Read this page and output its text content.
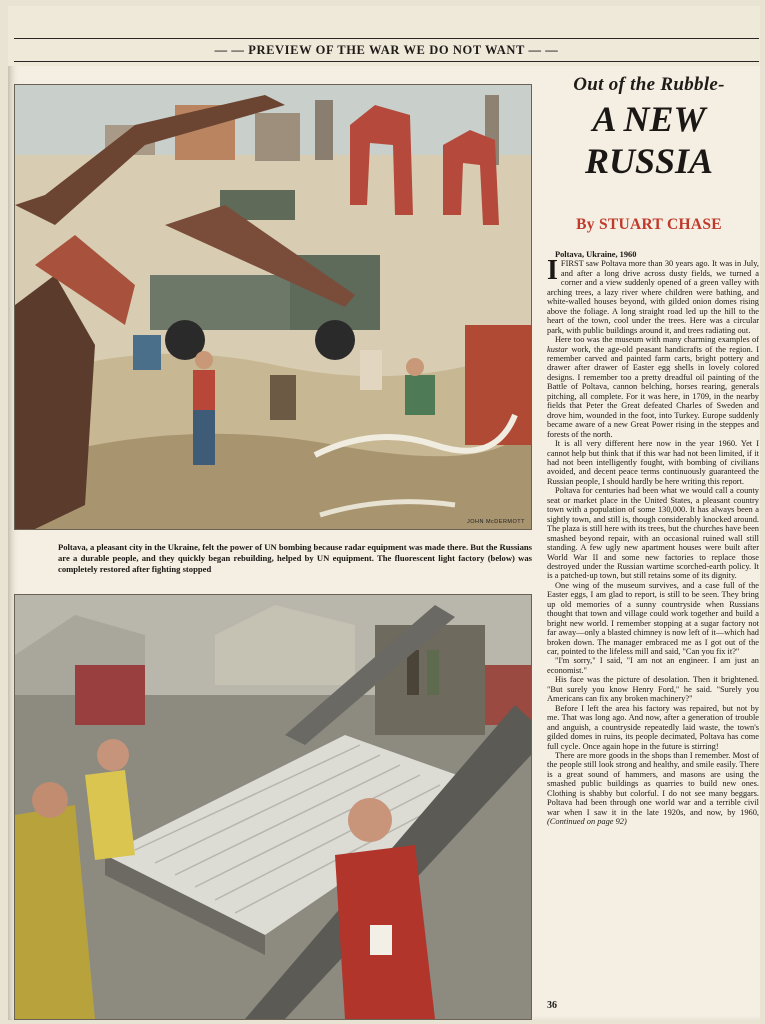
— — PREVIEW OF THE WAR WE DO NOT WANT — —
JOHN McDERMOTT
Poltava, a pleasant city in the Ukraine, felt the power of UN bombing because radar equipment was made there. But the Russians are a durable people, and they quickly began rebuilding, helped by UN equipment. The fluorescent light factory (below) was completely restored after fighting stopped
Out of the Rubble-
A NEW
RUSSIA
By STUART CHASE

Poltava, Ukraine, 1960

IFIRST saw Poltava more than 30 years ago. It was in July, and after a long drive across dusty fields, we turned a corner and a view suddenly opened of a green valley with arching trees, a lazy river where children were bathing, and white-walled houses beyond, with gilded onion domes rising above the foliage. A long straight road led up the hill to the heart of the town, cool under the trees. Here was a circular park, with public buildings around it, and trees radiating out.

Here too was the museum with many charming examples of kustar work, the age-old peasant handicrafts of the region. I remember carved and painted farm carts, bright pottery and drawer after drawer of Easter egg shells in lovely colored designs. I remember too a pretty dreadful oil painting of the Battle of Poltava, cannon belching, horses rearing, generals pitching, all complete. For it was here, in 1709, in the nearby fields that Peter the Great defeated Charles of Sweden and drove him, wounded in the foot, into Turkey. Europe suddenly became aware of a new Great Power rising in the steppes and forests of the north.

It is all very different here now in the year 1960. Yet I cannot help but think that if this war had not been limited, if it had not been intelligently fought, with bombing of civilians avoided, and decent peace terms continuously guaranteed the Russian people, I should hardly be here writing this report.

Poltava for centuries had been what we would call a county seat or market place in the United States, a pleasant country town with a population of some 130,000. It has always been a sightly town, and still is, though considerably knocked around. The plaza is still here with its trees, but the churches have been smashed beyond repair, with an occasional ruined wall still standing. A few ugly new apartment houses were built after World War II and some new factories to replace those destroyed under the Russian wartime scorched-earth policy. It is a patched-up town, but still retains some of its dignity.

One wing of the museum survives, and a case full of the Easter eggs, I am glad to report, is still to be seen. They bring up old memories of a sunny countryside when Russians thought that town and village could work together and build a bright new world. I remember stopping at a sugar factory not far away—only a blasted chimney is now left of it—which had broken down. The manager embraced me as I got out of the car, pointed to the lifeless mill and said, "Can you fix it?"

"I'm sorry," I said, "I am not an engineer. I am just an economist."

His face was the picture of desolation. Then it brightened. "But surely you know Henry Ford," he said. "Surely you Americans can fix any broken machinery?"

Before I left the area his factory was repaired, but not by me. That was long ago. And now, after a generation of trouble and anguish, a countryside repeatedly laid waste, the town's gilded domes in ruins, its people decimated, Poltava has come full cycle. Once again hope in the future is stirring!

There are more goods in the shops than I remember. Most of the people still look strong and healthy, and smile easily. There is a great sound of hammers, and masons are using the smashed public buildings as quarries to build new ones. Clothing is shabby but colorful. I do not see many beggars. Poltava had been through one world war and a terrible civil war when I saw it in the late 1920s, and now, by 1960, (Continued on page 92)

36
